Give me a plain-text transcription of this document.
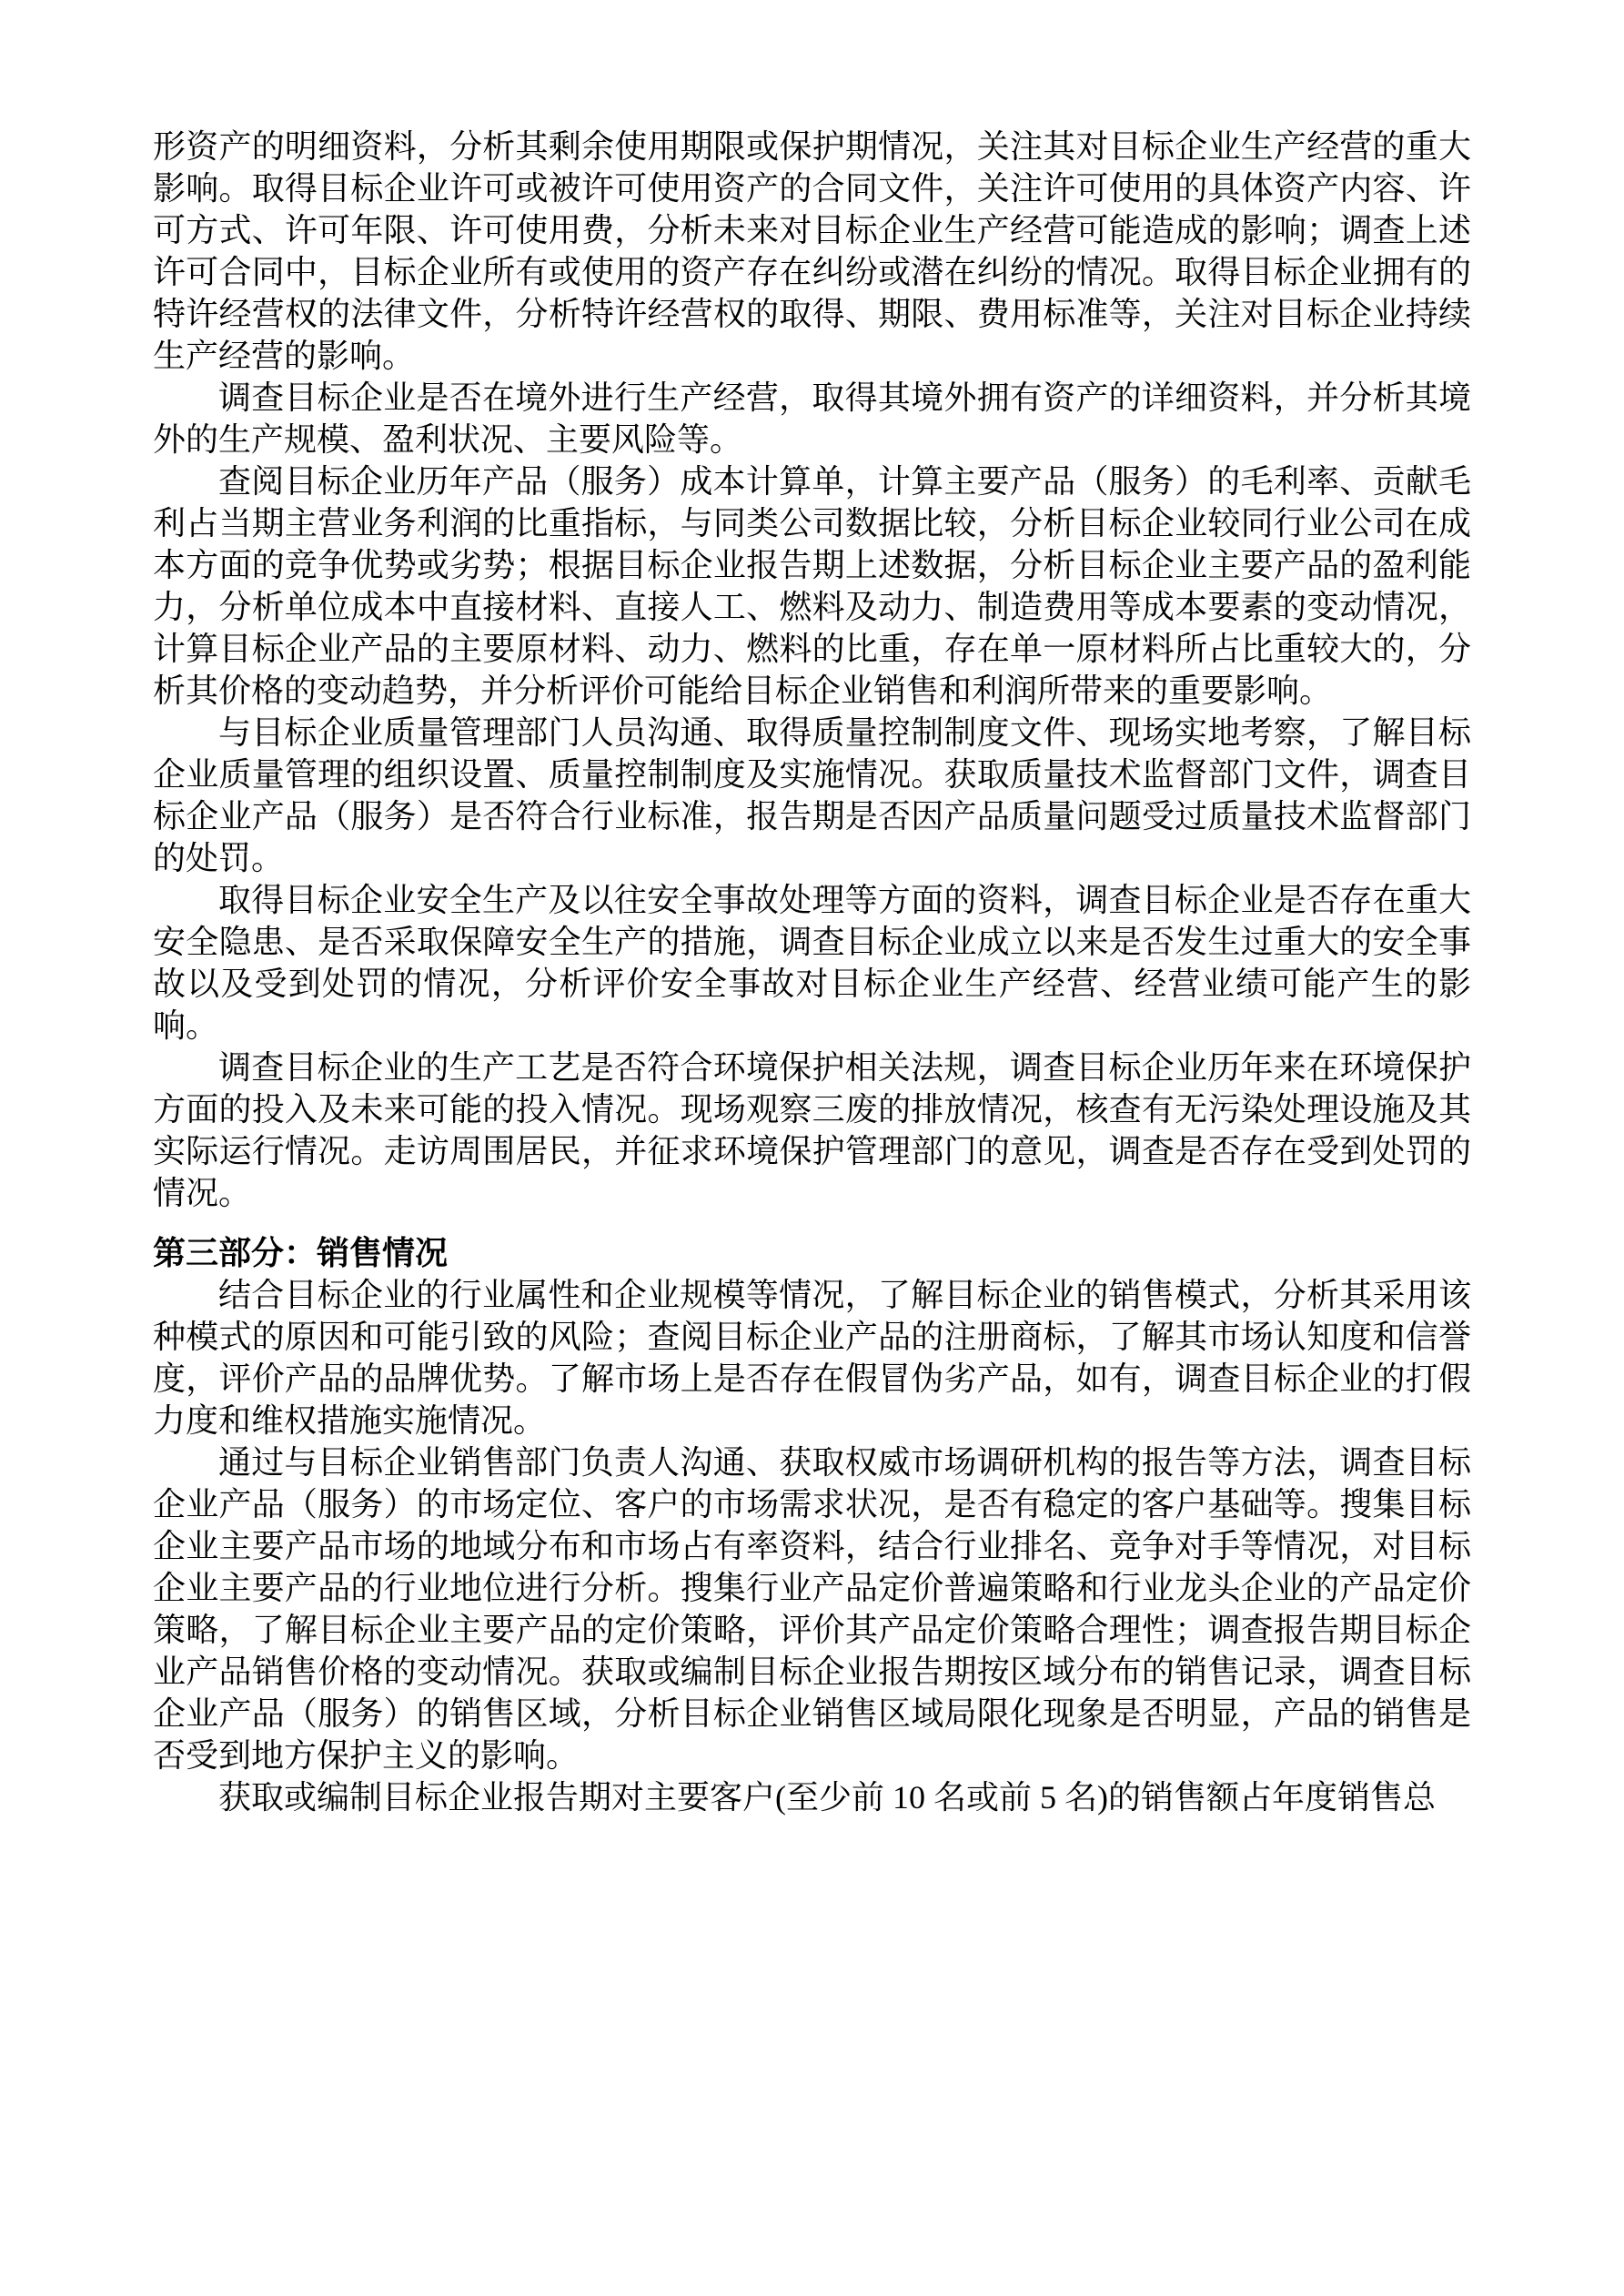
形资产的明细资料，分析其剩余使用期限或保护期情况，关注其对目标企业生产经营的重大影响。取得目标企业许可或被许可使用资产的合同文件，关注许可使用的具体资产内容、许可方式、许可年限、许可使用费，分析未来对目标企业生产经营可能造成的影响；调查上述许可合同中，目标企业所有或使用的资产存在纠纷或潜在纠纷的情况。取得目标企业拥有的特许经营权的法律文件，分析特许经营权的取得、期限、费用标准等，关注对目标企业持续生产经营的影响。

调查目标企业是否在境外进行生产经营，取得其境外拥有资产的详细资料，并分析其境外的生产规模、盈利状况、主要风险等。

查阅目标企业历年产品（服务）成本计算单，计算主要产品（服务）的毛利率、贡献毛利占当期主营业务利润的比重指标，与同类公司数据比较，分析目标企业较同行业公司在成本方面的竞争优势或劣势；根据目标企业报告期上述数据，分析目标企业主要产品的盈利能力，分析单位成本中直接材料、直接人工、燃料及动力、制造费用等成本要素的变动情况，计算目标企业产品的主要原材料、动力、燃料的比重，存在单一原材料所占比重较大的，分析其价格的变动趋势，并分析评价可能给目标企业销售和利润所带来的重要影响。

与目标企业质量管理部门人员沟通、取得质量控制制度文件、现场实地考察，了解目标企业质量管理的组织设置、质量控制制度及实施情况。获取质量技术监督部门文件，调查目标企业产品（服务）是否符合行业标准，报告期是否因产品质量问题受过质量技术监督部门的处罚。

取得目标企业安全生产及以往安全事故处理等方面的资料，调查目标企业是否存在重大安全隐患、是否采取保障安全生产的措施，调查目标企业成立以来是否发生过重大的安全事故以及受到处罚的情况，分析评价安全事故对目标企业生产经营、经营业绩可能产生的影响。

调查目标企业的生产工艺是否符合环境保护相关法规，调查目标企业历年来在环境保护方面的投入及未来可能的投入情况。现场观察三废的排放情况，核查有无污染处理设施及其实际运行情况。走访周围居民，并征求环境保护管理部门的意见，调查是否存在受到处罚的情况。

第三部分：销售情况

结合目标企业的行业属性和企业规模等情况，了解目标企业的销售模式，分析其采用该种模式的原因和可能引致的风险；查阅目标企业产品的注册商标，了解其市场认知度和信誉度，评价产品的品牌优势。了解市场上是否存在假冒伪劣产品，如有，调查目标企业的打假力度和维权措施实施情况。

通过与目标企业销售部门负责人沟通、获取权威市场调研机构的报告等方法，调查目标企业产品（服务）的市场定位、客户的市场需求状况，是否有稳定的客户基础等。搜集目标企业主要产品市场的地域分布和市场占有率资料，结合行业排名、竞争对手等情况，对目标企业主要产品的行业地位进行分析。搜集行业产品定价普遍策略和行业龙头企业的产品定价策略，了解目标企业主要产品的定价策略，评价其产品定价策略合理性；调查报告期目标企业产品销售价格的变动情况。获取或编制目标企业报告期按区域分布的销售记录，调查目标企业产品（服务）的销售区域，分析目标企业销售区域局限化现象是否明显，产品的销售是否受到地方保护主义的影响。

获取或编制目标企业报告期对主要客户(至少前 10 名或前 5 名)的销售额占年度销售总
